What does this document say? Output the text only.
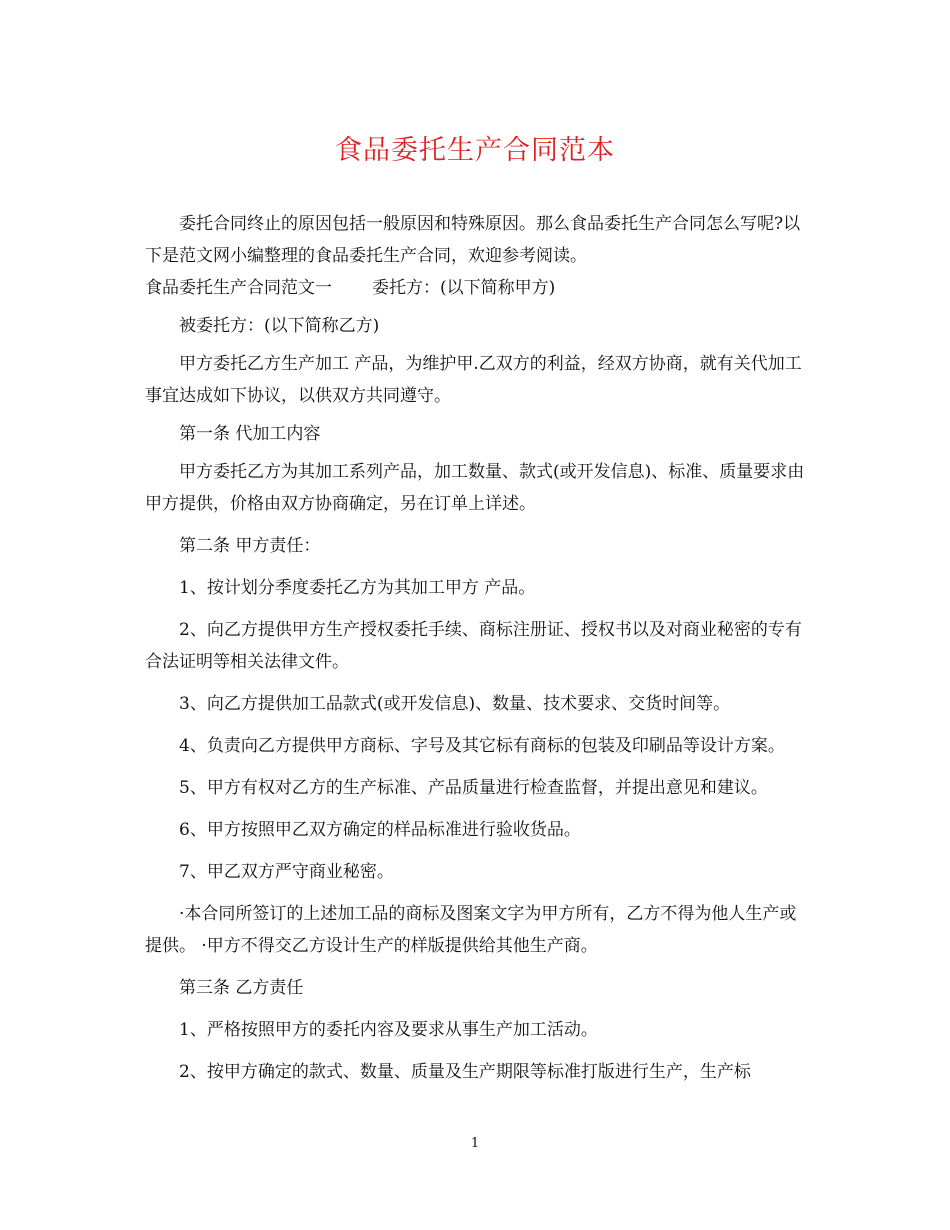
食品委托生产合同范本

委托合同终止的原因包括一般原因和特殊原因。那么食品委托生产合同怎么写呢?以下是范文网小编整理的食品委托生产合同，欢迎参考阅读。

食品委托生产合同范文一 委托方：(以下简称甲方)

被委托方：(以下简称乙方)

甲方委托乙方生产加工 产品，为维护甲.乙双方的利益，经双方协商，就有关代加工事宜达成如下协议，以供双方共同遵守。

第一条 代加工内容

甲方委托乙方为其加工系列产品，加工数量、款式(或开发信息)、标准、质量要求由甲方提供，价格由双方协商确定，另在订单上详述。

第二条 甲方责任：

1、按计划分季度委托乙方为其加工甲方 产品。

2、向乙方提供甲方生产授权委托手续、商标注册证、授权书以及对商业秘密的专有合法证明等相关法律文件。

3、向乙方提供加工品款式(或开发信息)、数量、技术要求、交货时间等。

4、负责向乙方提供甲方商标、字号及其它标有商标的包装及印刷品等设计方案。

5、甲方有权对乙方的生产标准、产品质量进行检查监督，并提出意见和建议。

6、甲方按照甲乙双方确定的样品标准进行验收货品。

7、甲乙双方严守商业秘密。

·本合同所签订的上述加工品的商标及图案文字为甲方所有，乙方不得为他人生产或提供。 ·甲方不得交乙方设计生产的样版提供给其他生产商。

第三条 乙方责任

1、严格按照甲方的委托内容及要求从事生产加工活动。

2、按甲方确定的款式、数量、质量及生产期限等标准打版进行生产，生产标

1
